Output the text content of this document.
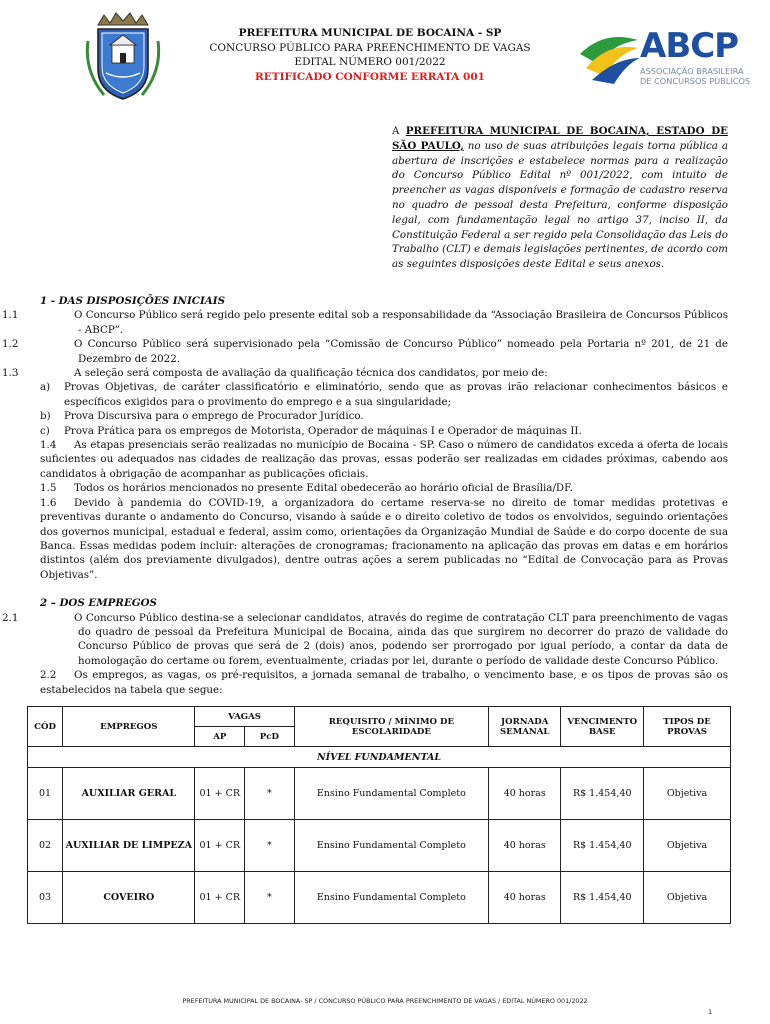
PREFEITURA MUNICIPAL DE BOCAINA - SP
CONCURSO PÚBLICO PARA PREENCHIMENTO DE VAGAS
EDITAL NÚMERO 001/2022
RETIFICADO CONFORME ERRATA 001
ABCP
ASSOCIAÇÃO BRASILEIRA
DE CONCURSOS PÚBLICOS
A PREFEITURA MUNICIPAL DE BOCAINA, ESTADO DE SÃO PAULO, no uso de suas atribuições legais torna pública a abertura de inscrições e estabelece normas para a realização do Concurso Público Edital nº 001/2022, com intuito de preencher as vagas disponíveis e formação de cadastro reserva no quadro de pessoal desta Prefeitura, conforme disposição legal, com fundamentação legal no artigo 37, inciso II, da Constituição Federal a ser regido pela Consolidação das Leis do Trabalho (CLT) e demais legislações pertinentes, de acordo com as seguintes disposições deste Edital e seus anexos.

1 - DAS DISPOSIÇÕES INICIAIS

1.1	O Concurso Público será regido pelo presente edital sob a responsabilidade da “Associação Brasileira de Concursos Públicos - ABCP”.

1.2	O Concurso Público será supervisionado pela “Comissão de Concurso Público” nomeado pela Portaria nº 201, de 21 de Dezembro de 2022.

1.3	A seleção será composta de avaliação da qualificação técnica dos candidatos, por meio de:

a) Provas Objetivas, de caráter classificatório e eliminatório, sendo que as provas irão relacionar conhecimentos básicos e específicos exigidos para o provimento do emprego e a sua singularidade;

b) Prova Discursiva para o emprego de Procurador Jurídico.

c) Prova Prática para os empregos de Motorista, Operador de máquinas I e Operador de máquinas II.

1.4 As etapas presenciais serão realizadas no município de Bocaina - SP. Caso o número de candidatos exceda a oferta de locais suficientes ou adequados nas cidades de realização das provas, essas poderão ser realizadas em cidades próximas, cabendo aos candidatos à obrigação de acompanhar as publicações oficiais.

1.5 Todos os horários mencionados no presente Edital obedecerão ao horário oficial de Brasília/DF.

1.6 Devido à pandemia do COVID-19, a organizadora do certame reserva-se no direito de tomar medidas protetivas e preventivas durante o andamento do Concurso, visando à saúde e o direito coletivo de todos os envolvidos, seguindo orientações dos governos municipal, estadual e federal, assim como, orientações da Organização Mundial de Saúde e do corpo docente de sua Banca. Essas medidas podem incluir: alterações de cronogramas; fracionamento na aplicação das provas em datas e em horários distintos (além dos previamente divulgados), dentre outras ações a serem publicadas no “Edital de Convocação para as Provas Objetivas”.

2 – DOS EMPREGOS

2.1	O Concurso Público destina-se a selecionar candidatos, através do regime de contratação CLT para preenchimento de vagas do quadro de pessoal da Prefeitura Municipal de Bocaina, ainda das que surgirem no decorrer do prazo de validade do Concurso Público de provas que será de 2 (dois) anos, podendo ser prorrogado por igual período, a contar da data de homologação do certame ou forem, eventualmente, criadas por lei, durante o período de validade deste Concurso Público.

2.2 Os empregos, as vagas, os pré-requisitos, a jornada semanal de trabalho, o vencimento base, e os tipos de provas são os estabelecidos na tabela que segue:

CÓD	EMPREGOS	VAGAS		REQUISITO / MÍNIMO DE ESCOLARIDADE	JORNADA SEMANAL	VENCIMENTO BASE	TIPOS DE PROVAS
		AP	PcD				
NÍVEL FUNDAMENTAL							
01	AUXILIAR GERAL	01 + CR	*	Ensino Fundamental Completo	40 horas	R$ 1.454,40	Objetiva
02	AUXILIAR DE LIMPEZA	01 + CR	*	Ensino Fundamental Completo	40 horas	R$ 1.454,40	Objetiva
03	COVEIRO	01 + CR	*	Ensino Fundamental Completo	40 horas	R$ 1.454,40	Objetiva
PREFEITURA MUNICIPAL DE BOCAINA- SP / CONCURSO PÚBLICO PARA PREENCHIMENTO DE VAGAS / EDITAL NÚMERO 001/2022
1
